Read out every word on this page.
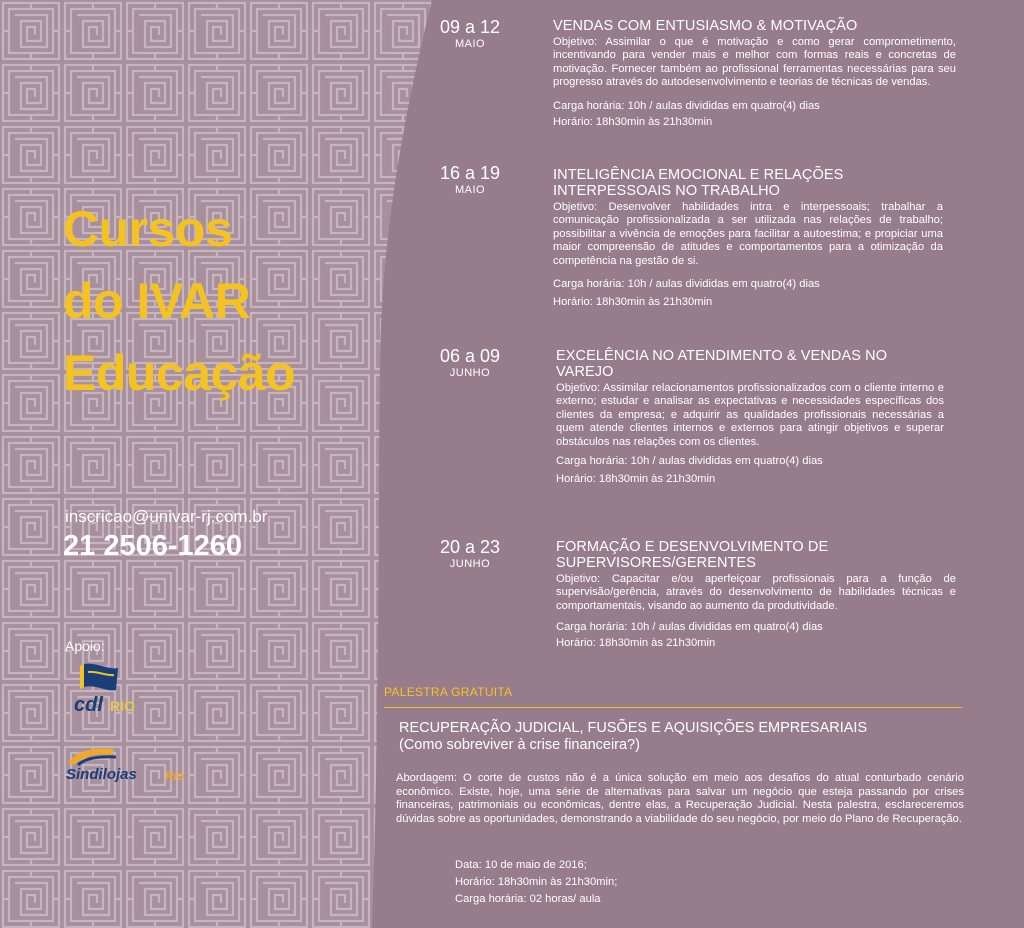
Cursos
do IVAR
Educação
inscricao@univar-rj.com.br
21 2506-1260
Apoio:
cdl RIO
Sindilojas Rio
09 a 12
MAIO
VENDAS COM ENTUSIASMO & MOTIVAÇÃO
Objetivo: Assimilar o que é motivação e como gerar comprometimento, incentivando para vender mais e melhor com formas reais e concretas de motivação. Fornecer também ao profissional ferramentas necessárias para seu progresso através do autodesenvolvimento e teorias de técnicas de vendas.
Carga horária: 10h / aulas divididas em quatro(4) dias
Horário: 18h30min às 21h30min
16 a 19
MAIO
INTELIGÊNCIA EMOCIONAL E RELAÇÕES INTERPESSOAIS NO TRABALHO
Objetivo: Desenvolver habilidades intra e interpessoais; trabalhar a comunicação profissionalizada a ser utilizada nas relações de trabalho; possibilitar a vivência de emoções para facilitar a autoestima; e propiciar uma maior compreensão de atitudes e comportamentos para a otimização da competência na gestão de si.
Carga horária: 10h / aulas divididas em quatro(4) dias
Horário: 18h30min às 21h30min
06 a 09
JUNHO
EXCELÊNCIA NO ATENDIMENTO & VENDAS NO VAREJO
Objetivo: Assimilar relacionamentos profissionalizados com o cliente interno e externo; estudar e analisar as expectativas e necessidades específicas dos clientes da empresa; e adquirir as qualidades profissionais necessárias a quem atende clientes internos e externos para atingir objetivos e superar obstáculos nas relações com os clientes.
Carga horária: 10h / aulas divididas em quatro(4) dias
Horário: 18h30min às 21h30min
20 a 23
JUNHO
FORMAÇÃO E DESENVOLVIMENTO DE SUPERVISORES/GERENTES
Objetivo: Capacitar e/ou aperfeiçoar profissionais para a função de supervisão/gerência, através do desenvolvimento de habilidades técnicas e comportamentais, visando ao aumento da produtividade.
Carga horária: 10h / aulas divididas em quatro(4) dias
Horário: 18h30min às 21h30min
PALESTRA GRATUITA
RECUPERAÇÃO JUDICIAL, FUSÕES E AQUISIÇÕES EMPRESARIAIS
(Como sobreviver à crise financeira?)
Abordagem: O corte de custos não é a única solução em meio aos desafios do atual conturbado cenário econômico. Existe, hoje, uma série de alternativas para salvar um negócio que esteja passando por crises financeiras, patrimoniais ou econômicas, dentre elas, a Recuperação Judicial. Nesta palestra, esclareceremos dúvidas sobre as oportunidades, demonstrando a viabilidade do seu negócio, por meio do Plano de Recuperação.
Data: 10 de maio de 2016;
Horário: 18h30min às 21h30min;
Carga horária: 02 horas/ aula
